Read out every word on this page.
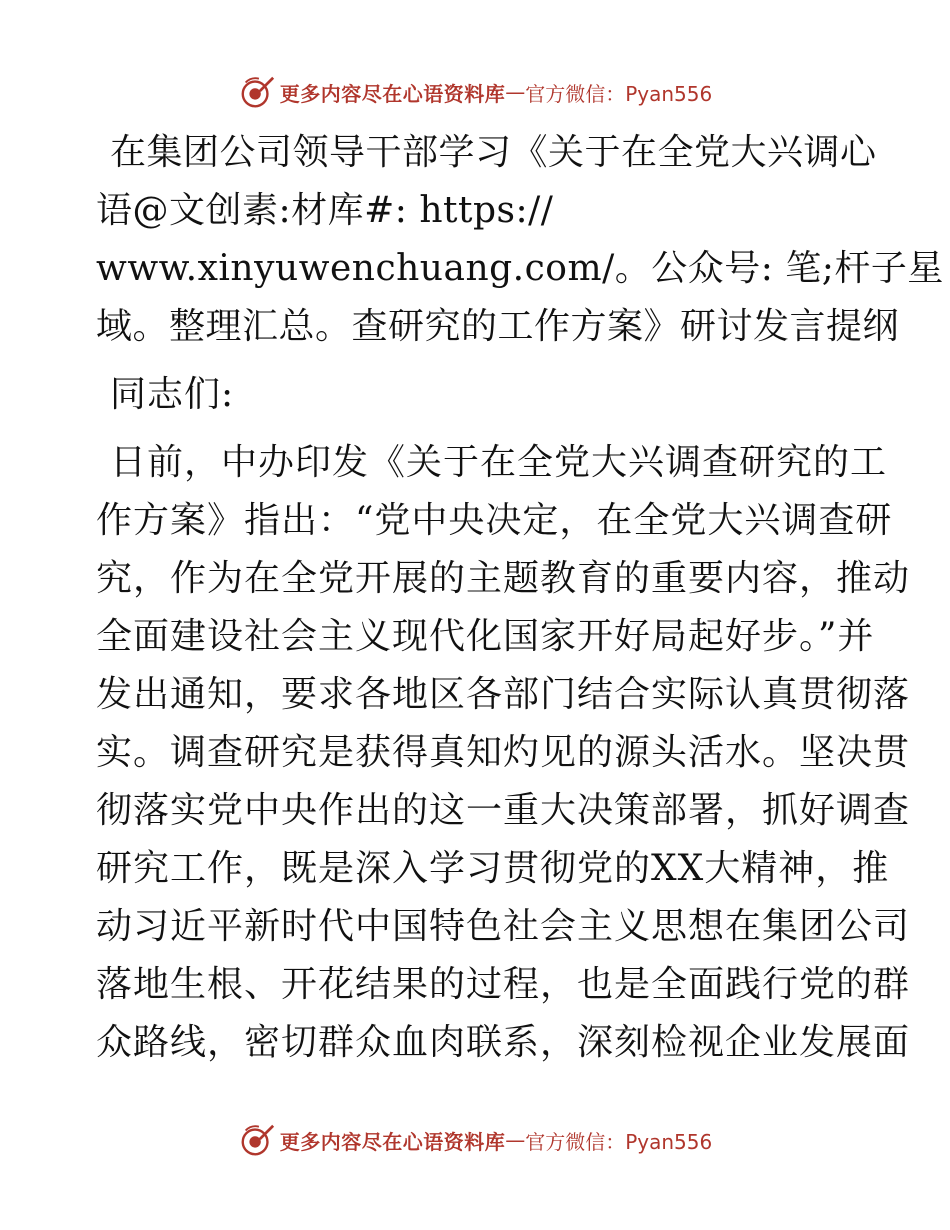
更多内容尽在心语资料库 — 官方微信：Pyan556
在集团公司领导干部学习《关于在全党大兴调心
语@文创素:材库#: https://
www.xinyuwenchuang.com/。公众号: 笔;杆子星
域。整理汇总。查研究的工作方案》研讨发言提纲
同志们:
日前，中办印发《关于在全党大兴调查研究的工
作方案》指出：“党中央决定，在全党大兴调查研
究，作为在全党开展的主题教育的重要内容，推动
全面建设社会主义现代化国家开好局起好步。”并
发出通知，要求各地区各部门结合实际认真贯彻落
实。调查研究是获得真知灼见的源头活水。坚决贯
彻落实党中央作出的这一重大决策部署，抓好调查
研究工作，既是深入学习贯彻党的XX大精神，推
动习近平新时代中国特色社会主义思想在集团公司
落地生根、开花结果的过程，也是全面践行党的群
众路线，密切群众血肉联系，深刻检视企业发展面
更多内容尽在心语资料库 — 官方微信：Pyan556
